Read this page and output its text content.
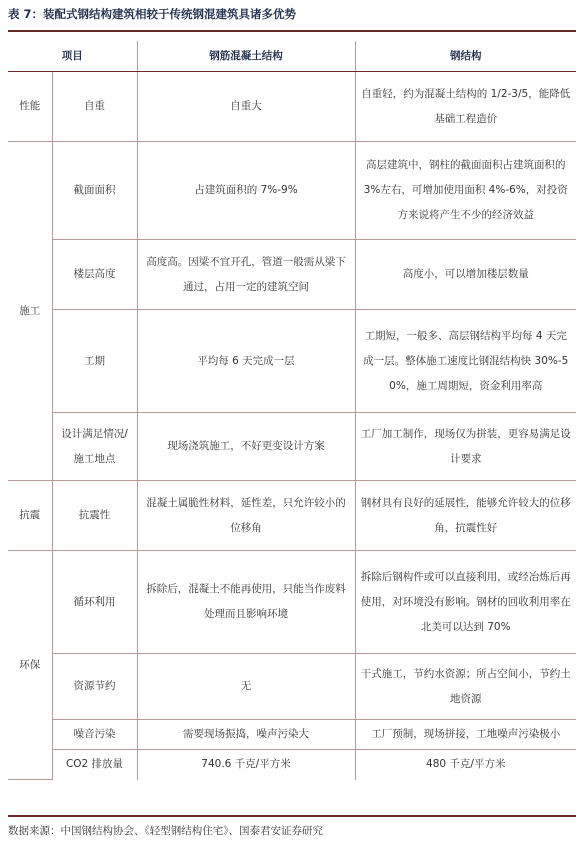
表 7：装配式钢结构建筑相较于传统钢混建筑具诸多优势
项目		钢筋混凝土结构	钢结构
性能	自重	自重大	自重轻，约为混凝土结构的 1/2-3/5，能降低基础工程造价
施工	截面面积	占建筑面积的 7%-9%	高层建筑中，钢柱的截面面积占建筑面积的 3%左右，可增加使用面积 4%-6%，对投资方来说将产生不少的经济效益
	楼层高度	高度高。因梁不宜开孔，管道一般需从梁下通过，占用一定的建筑空间	高度小，可以增加楼层数量
	工期	平均每 6 天完成一层	工期短，一般多、高层钢结构平均每 4 天完成一层。整体施工速度比钢混结构快 30%-50%，施工周期短，资金利用率高
	设计满足情况/施工地点	现场浇筑施工，不好更变设计方案	工厂加工制作，现场仅为拼装，更容易满足设计要求
抗震	抗震性	混凝土属脆性材料，延性差，只允许较小的位移角	钢材具有良好的延展性，能够允许较大的位移角，抗震性好
环保	循环利用	拆除后，混凝土不能再使用，只能当作废料处理而且影响环境	拆除后钢构件或可以直接利用，或经冶炼后再使用，对环境没有影响。钢材的回收利用率在北美可以达到 70%
	资源节约	无	干式施工，节约水资源；所占空间小，节约土地资源
	噪音污染	需要现场振捣，噪声污染大	工厂预制，现场拼接，工地噪声污染极小
	CO2 排放量	740.6 千克/平方米	480 千克/平方米
数据来源：中国钢结构协会、《轻型钢结构住宅》、国泰君安证券研究
